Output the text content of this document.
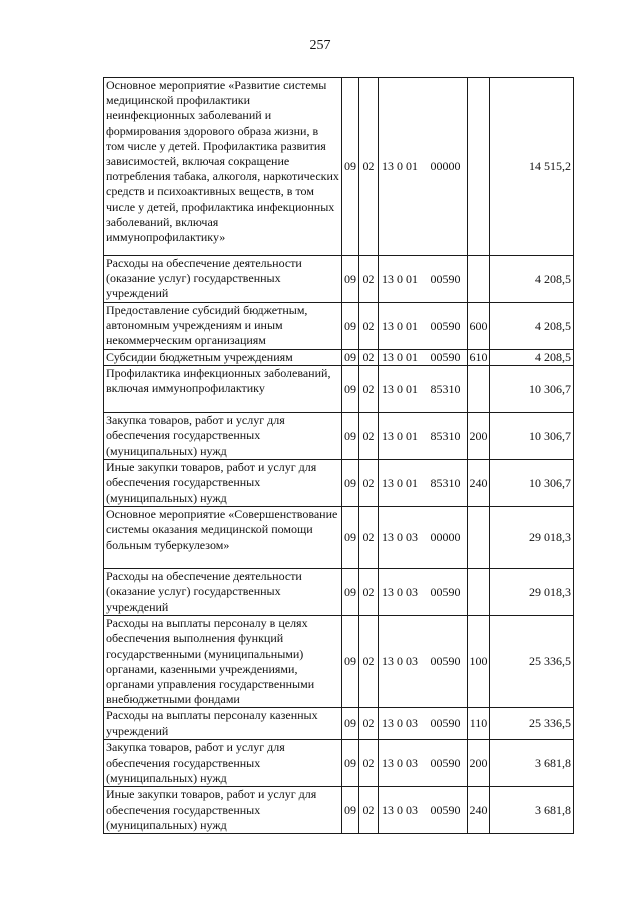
257
Основное мероприятие «Развитие системы медицинской профилактики неинфекционных заболеваний и формирования здорового образа жизни, в том числе у детей. Профилактика развития зависимостей, включая сокращение потребления табака, алкоголя, наркотических средств и психоактивных веществ, в том числе у детей, профилактика инфекционных заболеваний, включая иммунопрофилактику»	09	02	13 0 01	00000		14 515,2
Расходы на обеспечение деятельности (оказание услуг) государственных учреждений	09	02	13 0 01	00590		4 208,5
Предоставление субсидий бюджетным, автономным учреждениям и иным некоммерческим организациям	09	02	13 0 01	00590	600	4 208,5
Субсидии бюджетным учреждениям	09	02	13 0 01	00590	610	4 208,5
Профилактика инфекционных заболеваний, включая иммунопрофилактику	09	02	13 0 01	85310		10 306,7
Закупка товаров, работ и услуг для обеспечения государственных (муниципальных) нужд	09	02	13 0 01	85310	200	10 306,7
Иные закупки товаров, работ и услуг для обеспечения государственных (муниципальных) нужд	09	02	13 0 01	85310	240	10 306,7
Основное мероприятие «Совершенствование системы оказания медицинской помощи больным туберкулезом»	09	02	13 0 03	00000		29 018,3
Расходы на обеспечение деятельности (оказание услуг) государственных учреждений	09	02	13 0 03	00590		29 018,3
Расходы на выплаты персоналу в целях обеспечения выполнения функций государственными (муниципальными) органами, казенными учреждениями, органами управления государственными внебюджетными фондами	09	02	13 0 03	00590	100	25 336,5
Расходы на выплаты персоналу казенных учреждений	09	02	13 0 03	00590	110	25 336,5
Закупка товаров, работ и услуг для обеспечения государственных (муниципальных) нужд	09	02	13 0 03	00590	200	3 681,8
Иные закупки товаров, работ и услуг для обеспечения государственных (муниципальных) нужд	09	02	13 0 03	00590	240	3 681,8
